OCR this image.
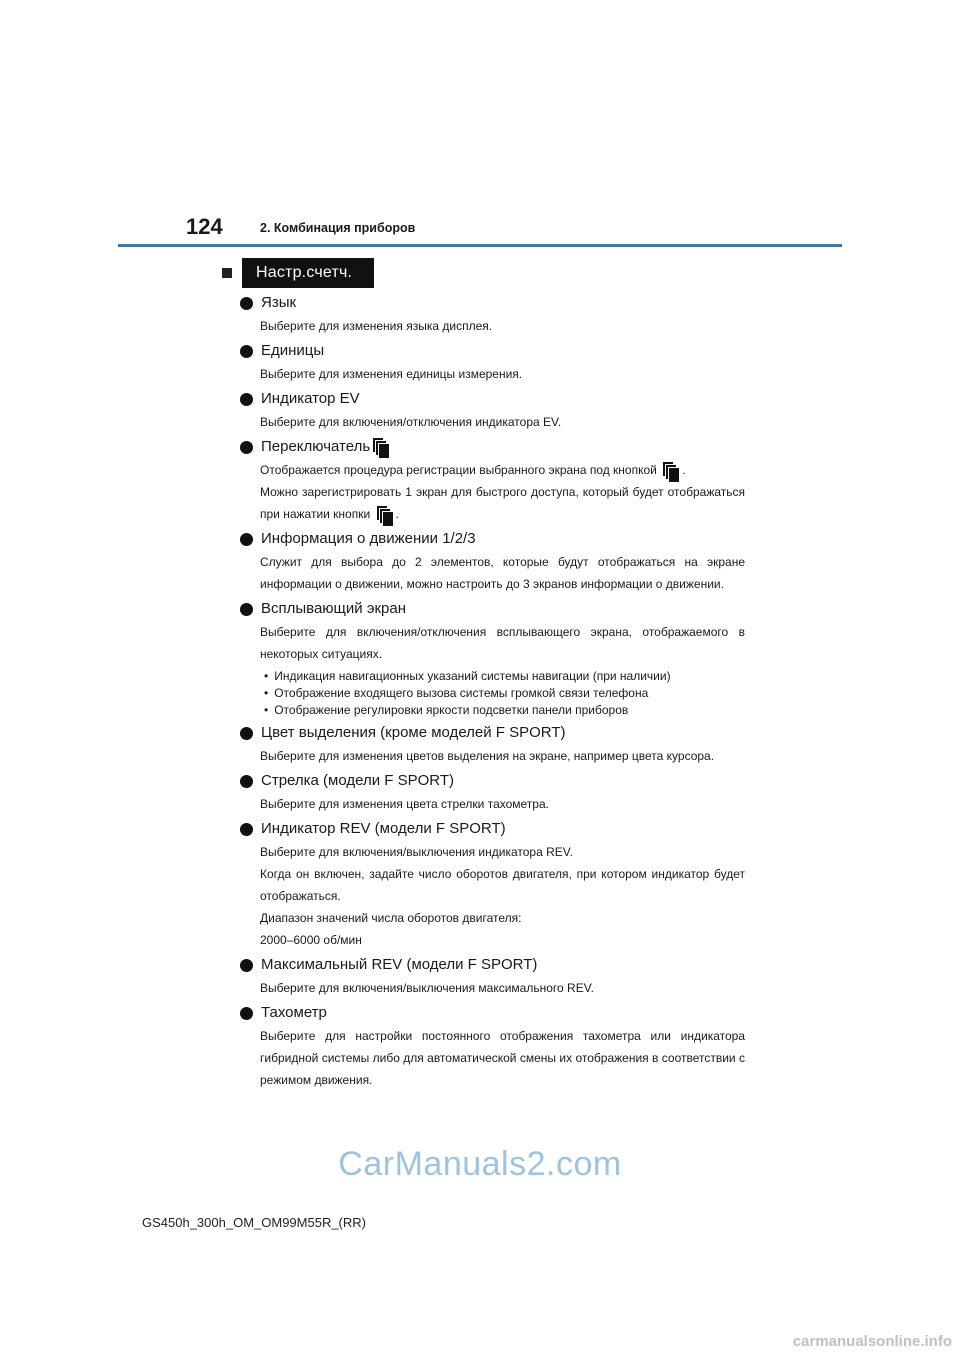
124	2. Комбинация приборов
Настр.счетч.
Язык

Выберите для изменения языка дисплея.

Единицы

Выберите для изменения единицы измерения.

Индикатор EV

Выберите для включения/отключения индикатора EV.

Переключатель

Отображается процедура регистрации выбранного экрана под кнопкой .
Можно зарегистрировать 1 экран для быстрого доступа, который будет отображаться при нажатии кнопки .

Информация о движении 1/2/3

Служит для выбора до 2 элементов, которые будут отображаться на экране информации о движении, можно настроить до 3 экранов информации о движении.

Всплывающий экран

Выберите для включения/отключения всплывающего экрана, отображаемого в некоторых ситуациях.

• Индикация навигационных указаний системы навигации (при наличии)
• Отображение входящего вызова системы громкой связи телефона
• Отображение регулировки яркости подсветки панели приборов
Цвет выделения (кроме моделей F SPORT)

Выберите для изменения цветов выделения на экране, например цвета курсора.

Стрелка (модели F SPORT)

Выберите для изменения цвета стрелки тахометра.

Индикатор REV (модели F SPORT)

Выберите для включения/выключения индикатора REV.
Когда он включен, задайте число оборотов двигателя, при котором индикатор будет отображаться.
Диапазон значений числа оборотов двигателя:
2000–6000 об/мин

Максимальный REV (модели F SPORT)

Выберите для включения/выключения максимального REV.

Тахометр

Выберите для настройки постоянного отображения тахометра или индикатора гибридной системы либо для автоматической смены их отображения в соответствии с режимом движения.

CarManuals2.com
GS450h_300h_OM_OM99M55R_(RR)
carmanualsonline.info
